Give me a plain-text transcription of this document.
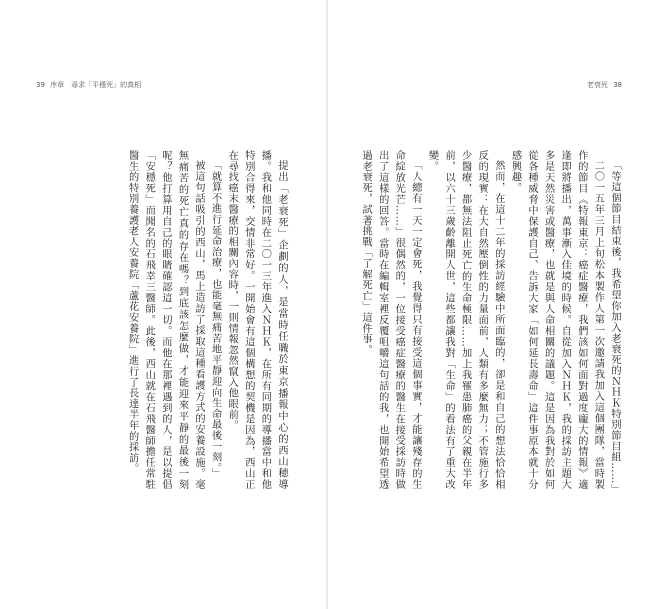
39 序章　尋求「平穩死」的真相

提出「老衰死」企劃的人，是當時任職於東京播報中心的西山穂導播。我和他同時在二〇一三年進入ＮＨＫ，在所有同期的導播當中和他特別合得來，交情非常好。一開始會有這個構想的契機是因為，西山正在尋找癌末醫療的相關內容時，一則情報忽然竄入他眼前。

「就算不進行延命治療，也能毫無痛苦地平靜迎向生命最後一刻。」

被這句話吸引的西山，馬上造訪了採取這種看護方式的安養設施。毫無痛苦的死亡真的存在嗎？到底該怎麼做，才能迎來平靜的最後一刻呢？他打算用自己的眼睛確認這一切。而他在那裡遇到的人，是以提倡「安穩死」而聞名的石飛幸三醫師。此後，西山就在石飛醫師擔任常駐醫生的特別養護老人安養院「蘆花安養院」進行了長達半年的採訪。

老衰死 38

「等這個節目結束後，我希望你加入老衰死的ＮＨＫ特別節目組……」

二〇一五年三月上旬松本製作人第一次邀請我加入這個團隊，當時製作的節目《特報東京：癌症醫療，我們該如何面對過度龐大的情報》適逢即將播出，萬事漸入佳境的時候。自從加入ＮＨＫ，我的採訪主題大多是天然災害或醫療，也就是與人命相關的議題。這是因為我對於如何從各種威脅中保護自己、告訴大家「如何延長壽命」這件事原本就十分感興趣。

然而，在這十二年的採訪經驗中所面臨的，卻是和自己的想法恰恰相反的現實：在大自然壓倒性的力量面前，人類有多麼無力；不管施行多少醫療，都無法阻止死亡的生命極限……加上我罹患肺癌的父親在半年前，以六十三歲齡離開人世，這些都讓我對「生命」的看法有了重大改變。

「人總有一天一定會死，我覺得只有接受這個事實，才能讓殘存的生命綻放光芒……」很偶然的，一位接受癌症醫療的醫生在接受採訪時做出了這樣的回答。當時在編輯室裡反覆咀嚼這句話的我，也開始希望透過老衰死，試著挑戰「了解死亡」這件事。
